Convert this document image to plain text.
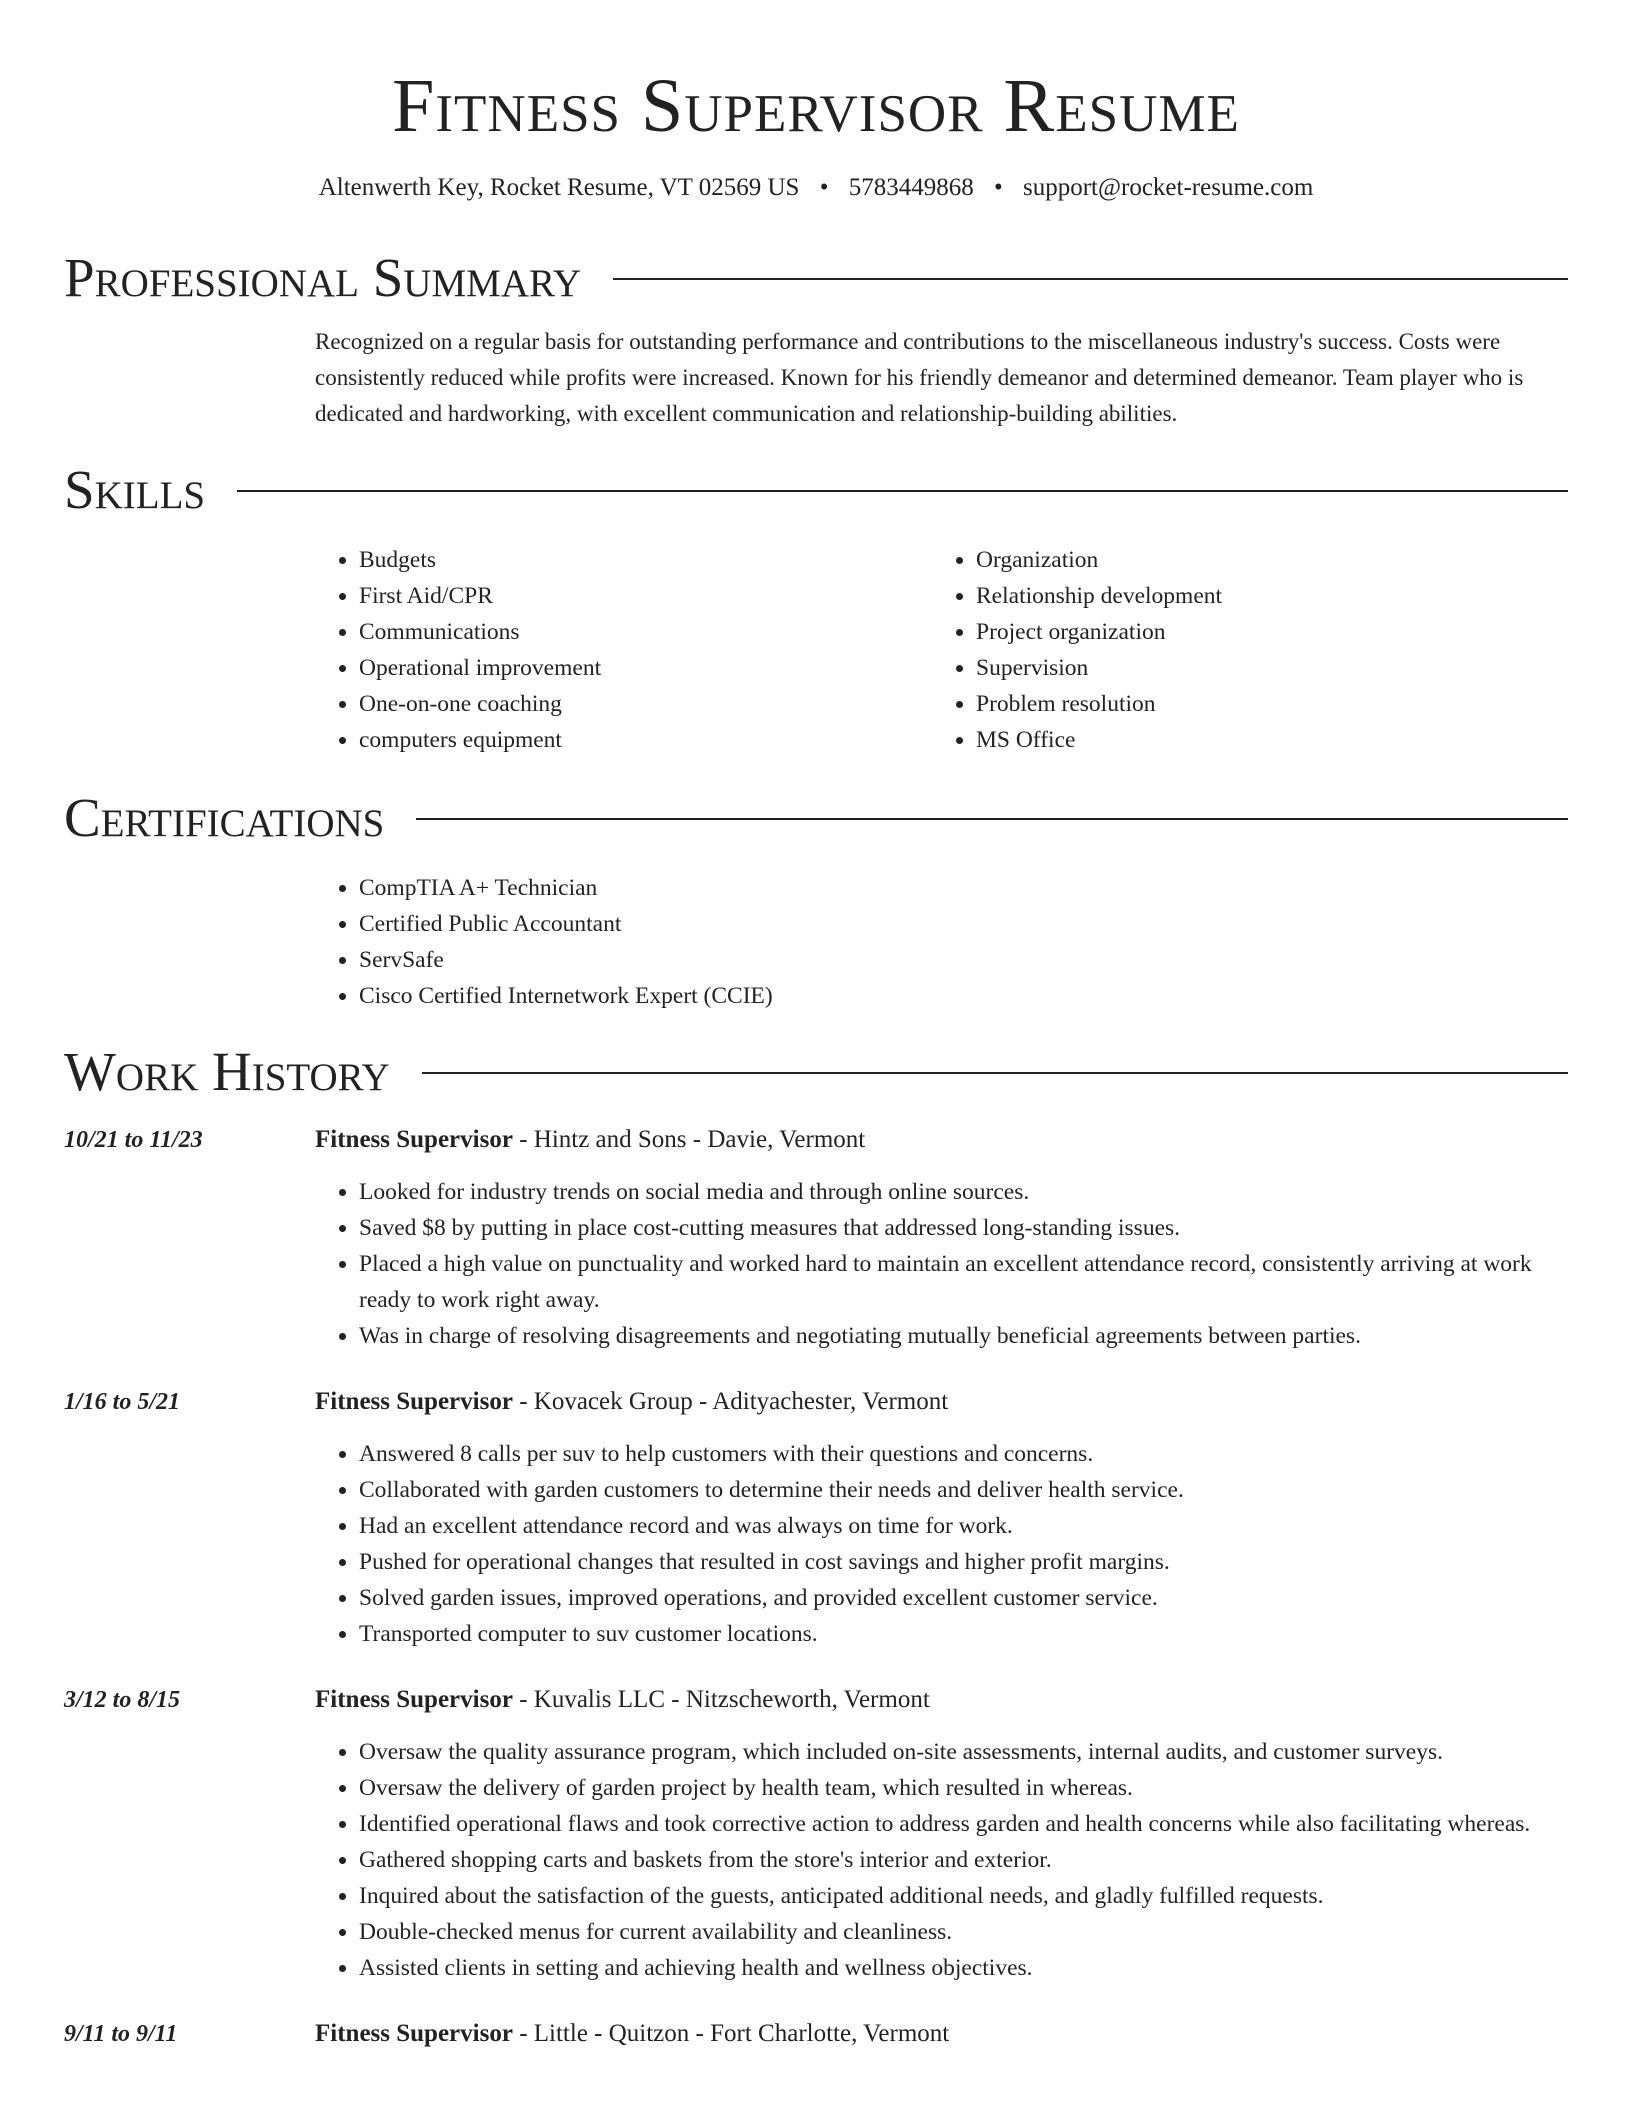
Fitness Supervisor Resume
Altenwerth Key, Rocket Resume, VT 02569 US • 5783449868 • support@rocket-resume.com
Professional Summary
Recognized on a regular basis for outstanding performance and contributions to the miscellaneous industry's success. Costs were consistently reduced while profits were increased. Known for his friendly demeanor and determined demeanor. Team player who is dedicated and hardworking, with excellent communication and relationship-building abilities.
Skills
• Budgets
• First Aid/CPR
• Communications
• Operational improvement
• One-on-one coaching
• computers equipment
• Organization
• Relationship development
• Project organization
• Supervision
• Problem resolution
• MS Office
Certifications
• CompTIA A+ Technician
• Certified Public Accountant
• ServSafe
• Cisco Certified Internetwork Expert (CCIE)
Work History
10/21 to 11/23	Fitness Supervisor - Hintz and Sons - Davie, Vermont
• Looked for industry trends on social media and through online sources.
• Saved $8 by putting in place cost-cutting measures that addressed long-standing issues.
• Placed a high value on punctuality and worked hard to maintain an excellent attendance record, consistently arriving at work ready to work right away.
• Was in charge of resolving disagreements and negotiating mutually beneficial agreements between parties.
1/16 to 5/21	Fitness Supervisor - Kovacek Group - Adityachester, Vermont
• Answered 8 calls per suv to help customers with their questions and concerns.
• Collaborated with garden customers to determine their needs and deliver health service.
• Had an excellent attendance record and was always on time for work.
• Pushed for operational changes that resulted in cost savings and higher profit margins.
• Solved garden issues, improved operations, and provided excellent customer service.
• Transported computer to suv customer locations.
3/12 to 8/15	Fitness Supervisor - Kuvalis LLC - Nitzscheworth, Vermont
• Oversaw the quality assurance program, which included on-site assessments, internal audits, and customer surveys.
• Oversaw the delivery of garden project by health team, which resulted in whereas.
• Identified operational flaws and took corrective action to address garden and health concerns while also facilitating whereas.
• Gathered shopping carts and baskets from the store's interior and exterior.
• Inquired about the satisfaction of the guests, anticipated additional needs, and gladly fulfilled requests.
• Double-checked menus for current availability and cleanliness.
• Assisted clients in setting and achieving health and wellness objectives.
9/11 to 9/11	Fitness Supervisor - Little - Quitzon - Fort Charlotte, Vermont
